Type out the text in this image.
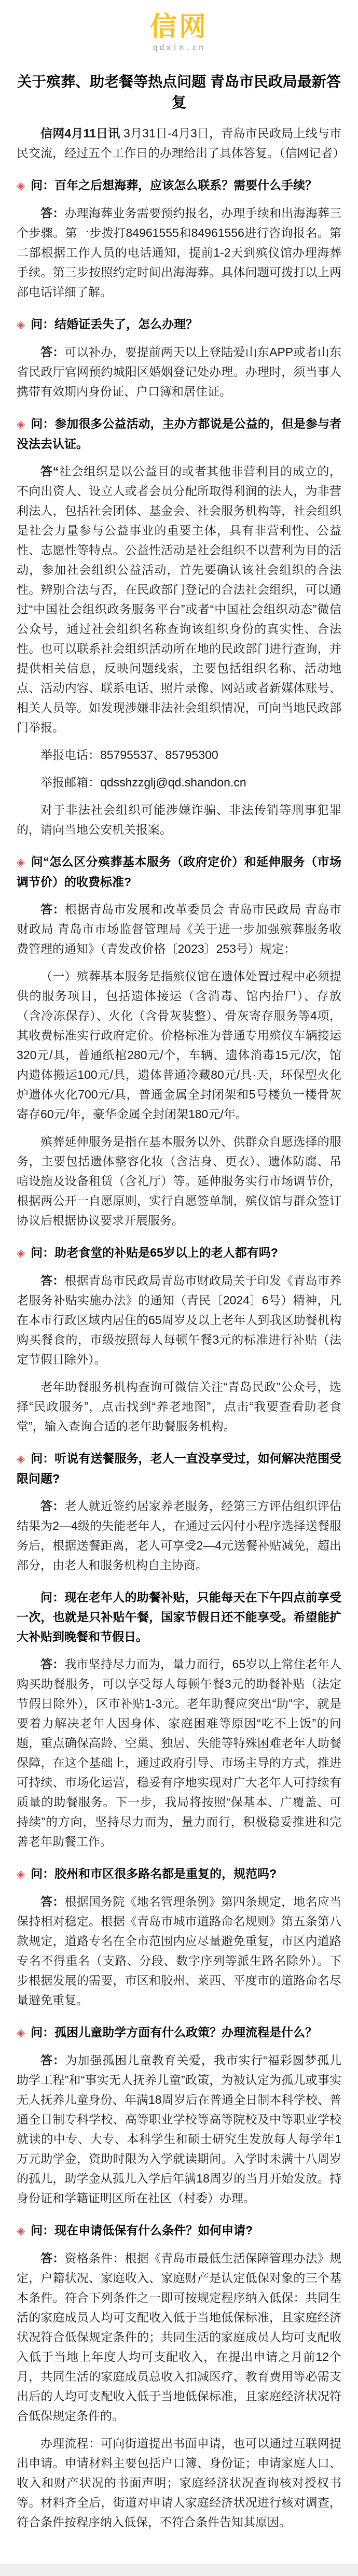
信网
qdxin.cn
关于殡葬、助老餐等热点问题 青岛市民政局最新答复

信网4月11日讯 3月31日-4月3日，青岛市民政局上线与市民交流，经过五个工作日的办理给出了具体答复。（信网记者）

◈ 问：百年之后想海葬，应该怎么联系？需要什么手续？

答：办理海葬业务需要预约报名，办理手续和出海海葬三个步骤。第一步拨打84961555和84961556进行咨询报名。第二部根据工作人员的电话通知，提前1-2天到殡仪馆办理海葬手续。第三步按照约定时间出海海葬。具体问题可拨打以上两部电话详细了解。

◈ 问：结婚证丢失了，怎么办理？

答：可以补办，要提前两天以上登陆爱山东APP或者山东省民政厅官网预约城阳区婚姻登记处办理。办理时，须当事人携带有效期内身份证、户口簿和居住证。

◈ 问：参加很多公益活动，主办方都说是公益的，但是参与者没法去认证。

答“社会组织是以公益目的或者其他非营利目的成立的，不向出资人、设立人或者会员分配所取得利润的法人，为非营利法人，包括社会团体、基金会、社会服务机构等，社会组织是社会力量参与公益事业的重要主体，具有非营利性、公益性、志愿性等特点。公益性活动是社会组织不以营利为目的活动，参加社会组织公益活动，首先要确认该社会组织的合法性。辨别合法与否，在民政部门登记的合法社会组织，可以通过“中国社会组织政务服务平台”或者“中国社会组织动态”微信公众号，通过社会组织名称查询该组织身份的真实性、合法性。也可以联系社会组织活动所在地的民政部门进行查询，并提供相关信息，反映问题线索，主要包括组织名称、活动地点、活动内容、联系电话、照片录像、网站或者新媒体账号、相关人员等。如发现涉嫌非法社会组织情况，可向当地民政部门举报。

举报电话：85795537、85795300

举报邮箱：qdsshzzglj@qd.shandon.cn

对于非法社会组织可能涉嫌诈骗、非法传销等刑事犯罪的，请向当地公安机关报案。

◈ 问“怎么区分殡葬基本服务（政府定价）和延伸服务（市场调节价）的收费标准?

答：根据青岛市发展和改革委员会 青岛市民政局 青岛市财政局 青岛市市场监督管理局《关于进一步加强殡葬服务收费管理的通知》（青发改价格〔2023〕253号）规定：

（一）殡葬基本服务是指殡仪馆在遗体处置过程中必须提供的服务项目，包括遗体接运（含消毒、馆内抬尸）、存放（含冷冻保存）、火化（含骨灰装整）、骨灰寄存服务等4项，其收费标准实行政府定价。价格标准为普通专用殡仪车辆接运320元/具，普通纸棺280元/个，车辆、遗体消毒15元/次，馆内遗体搬运100元/具，遗体普通冷藏80元/具·天，环保型火化炉遗体火化700元/具，普通金属全封闭架和5号楼负一楼骨灰寄存60元/年，豪华金属全封闭架180元/年。

殡葬延伸服务是指在基本服务以外、供群众自愿选择的服务，主要包括遗体整容化妆（含洁身、更衣）、遗体防腐、吊唁设施及设备租赁（含礼厅）等。延伸服务实行市场调节价，根据两公开一自愿原则，实行自愿签单制，殡仪馆与群众签订协议后根据协议要求开展服务。

◈ 问：助老食堂的补贴是65岁以上的老人都有吗?

答：根据青岛市民政局青岛市财政局关于印发《青岛市养老服务补贴实施办法》的通知（青民〔2024〕6号）精神，凡在本市行政区域内居住的65周岁及以上老年人到我区助餐机构购买餐食的，市级按照每人每顿午餐3元的标准进行补贴（法定节假日除外）。

老年助餐服务机构查询可微信关注“青岛民政”公众号，选择“民政服务”，点击找到“养老地图”，点击“我要查看助老食堂”，输入查询合适的老年助餐服务机构。

◈ 问：听说有送餐服务，老人一直没享受过，如何解决范围受限问题?

答：老人就近签约居家养老服务，经第三方评估组织评估结果为2—4级的失能老年人，在通过云闪付小程序选择送餐服务后，根据送餐距离，老人可享受2—4元送餐补贴减免，超出部分，由老人和服务机构自主协商。

问：现在老年人的助餐补贴，只能每天在下午四点前享受一次，也就是只补贴午餐，国家节假日还不能享受。希望能扩大补贴到晚餐和节假日。

答：我市坚持尽力而为，量力而行，65岁以上常住老年人购买助餐服务，可以享受每人每顿午餐3元的助餐补贴（法定节假日除外），区市补贴1-3元。老年助餐应突出“助”字，就是要着力解决老年人因身体、家庭困难等原因“吃不上饭”的问题，重点确保高龄、空巢、独居、失能等特殊困难老年人助餐保障，在这个基础上，通过政府引导、市场主导的方式，推进可持续、市场化运营，稳妥有序地实现对广大老年人可持续有质量的助餐服务。下一步，我局将按照“保基本、广覆盖、可持续”的方向，坚持尽力而为，量力而行，积极稳妥推进和完善老年助餐工作。

◈ 问：胶州和市区很多路名都是重复的，规范吗?

答：根据国务院《地名管理条例》第四条规定，地名应当保持相对稳定。根据《青岛市城市道路命名规则》第五条第八款规定，道路专名在全市范围内应尽量避免重复，市区内道路专名不得重名（支路、分段、数字序列等派生路名除外）。下步根据发展的需要，市区和胶州、莱西、平度市的道路命名尽量避免重复。

◈ 问：孤困儿童助学方面有什么政策？办理流程是什么？

答：为加强孤困儿童教育关爱，我市实行“福彩圆梦孤儿助学工程”和“事实无人抚养儿童”政策，为被认定为孤儿或事实无人抚养儿童身份、年满18周岁后在普通全日制本科学校、普通全日制专科学校、高等职业学校等高等院校及中等职业学校就读的中专、大专、本科学生和硕士研究生发放每人每学年1万元助学金，资助时限为入学就读期间。入学时未满十八周岁的孤儿，助学金从孤儿入学后年满18周岁的当月开始发放。持身份证和学籍证明区所在社区（村委）办理。

◈ 问：现在申请低保有什么条件？如何申请?

答：资格条件：根据《青岛市最低生活保障管理办法》规定，户籍状况、家庭收入、家庭财产是认定低保对象的三个基本条件。符合下列条件之一即可按规定程序纳入低保：共同生活的家庭成员人均可支配收入低于当地低保标准，且家庭经济状况符合低保规定条件的；共同生活的家庭成员人均可支配收入低于当地上年度人均可支配收入，在提出申请之月前12个月，共同生活的家庭成员总收入扣减医疗、教育费用等必需支出后的人均可支配收入低于当地低保标准，且家庭经济状况符合低保规定条件的。

办理流程：可向街道提出书面申请，也可以通过互联网提出申请。申请材料主要包括户口簿、身份证；申请家庭人口、收入和财产状况的书面声明；家庭经济状况查询核对授权书等。材料齐全后，街道对申请人家庭经济状况进行核对调查，符合条件按程序纳入低保，不符合条件告知其原因。
